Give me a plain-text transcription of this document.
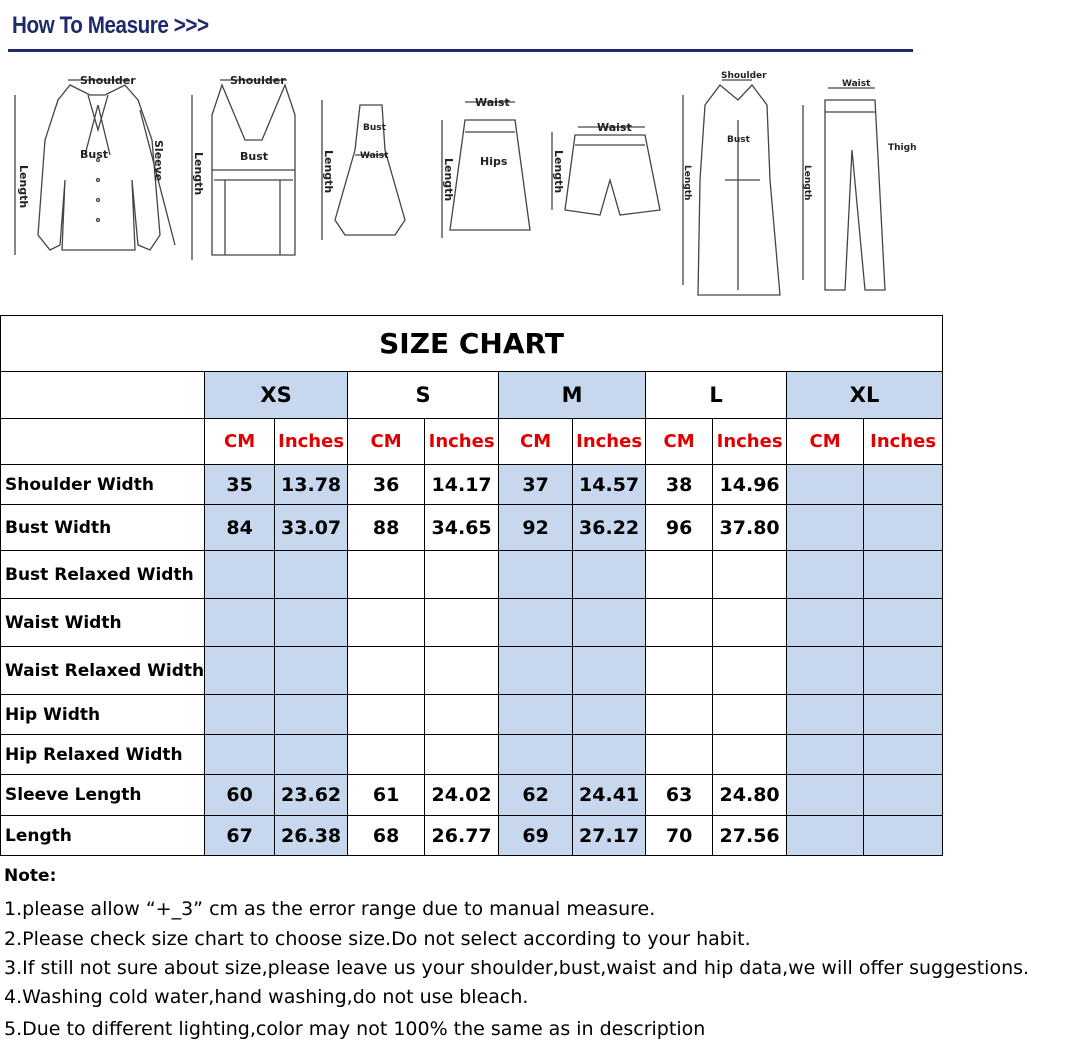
How To Measure >>>
Shoulder
Bust	Sleeve
Length
Shoulder
Bust
Length
Bust
Waist
Length
Waist
Hips
Length
Waist
Length
Shoulder
Bust
Length
Waist
Thigh
Length
SIZE CHART										
	XS		S		M		L		XL	
	CM	Inches	CM	Inches	CM	Inches	CM	Inches	CM	Inches
Shoulder Width	35	13.78	36	14.17	37	14.57	38	14.96		
Bust Width	84	33.07	88	34.65	92	36.22	96	37.80		
Bust Relaxed Width										
Waist Width										
Waist Relaxed Width										
Hip Width										
Hip Relaxed Width										
Sleeve Length	60	23.62	61	24.02	62	24.41	63	24.80		
Length	67	26.38	68	26.77	69	27.17	70	27.56		
Note:
1.please allow “+_3” cm as the error range due to manual measure.
2.Please check size chart to choose size.Do not select according to your habit.
3.If still not sure about size,please leave us your shoulder,bust,waist and hip data,we will offer suggestions.
4.Washing cold water,hand washing,do not use bleach.
5.Due to different lighting,color may not 100% the same as in description
